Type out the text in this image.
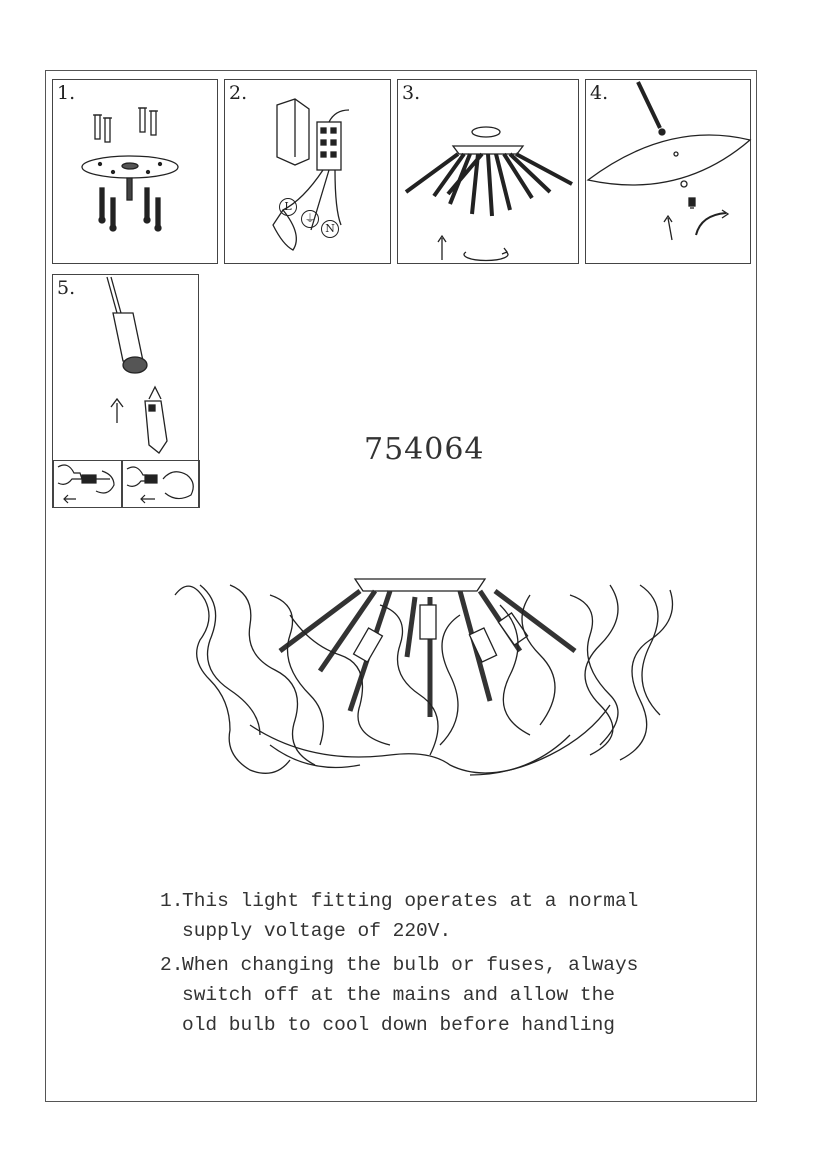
1.	2.
L
⏚
N
3.	4.
5.
754064
1.
This light fitting operates at a normal
supply voltage of 220V.
2.
When changing the bulb or fuses, always
switch off at the mains and allow the
old bulb to cool down before handling
